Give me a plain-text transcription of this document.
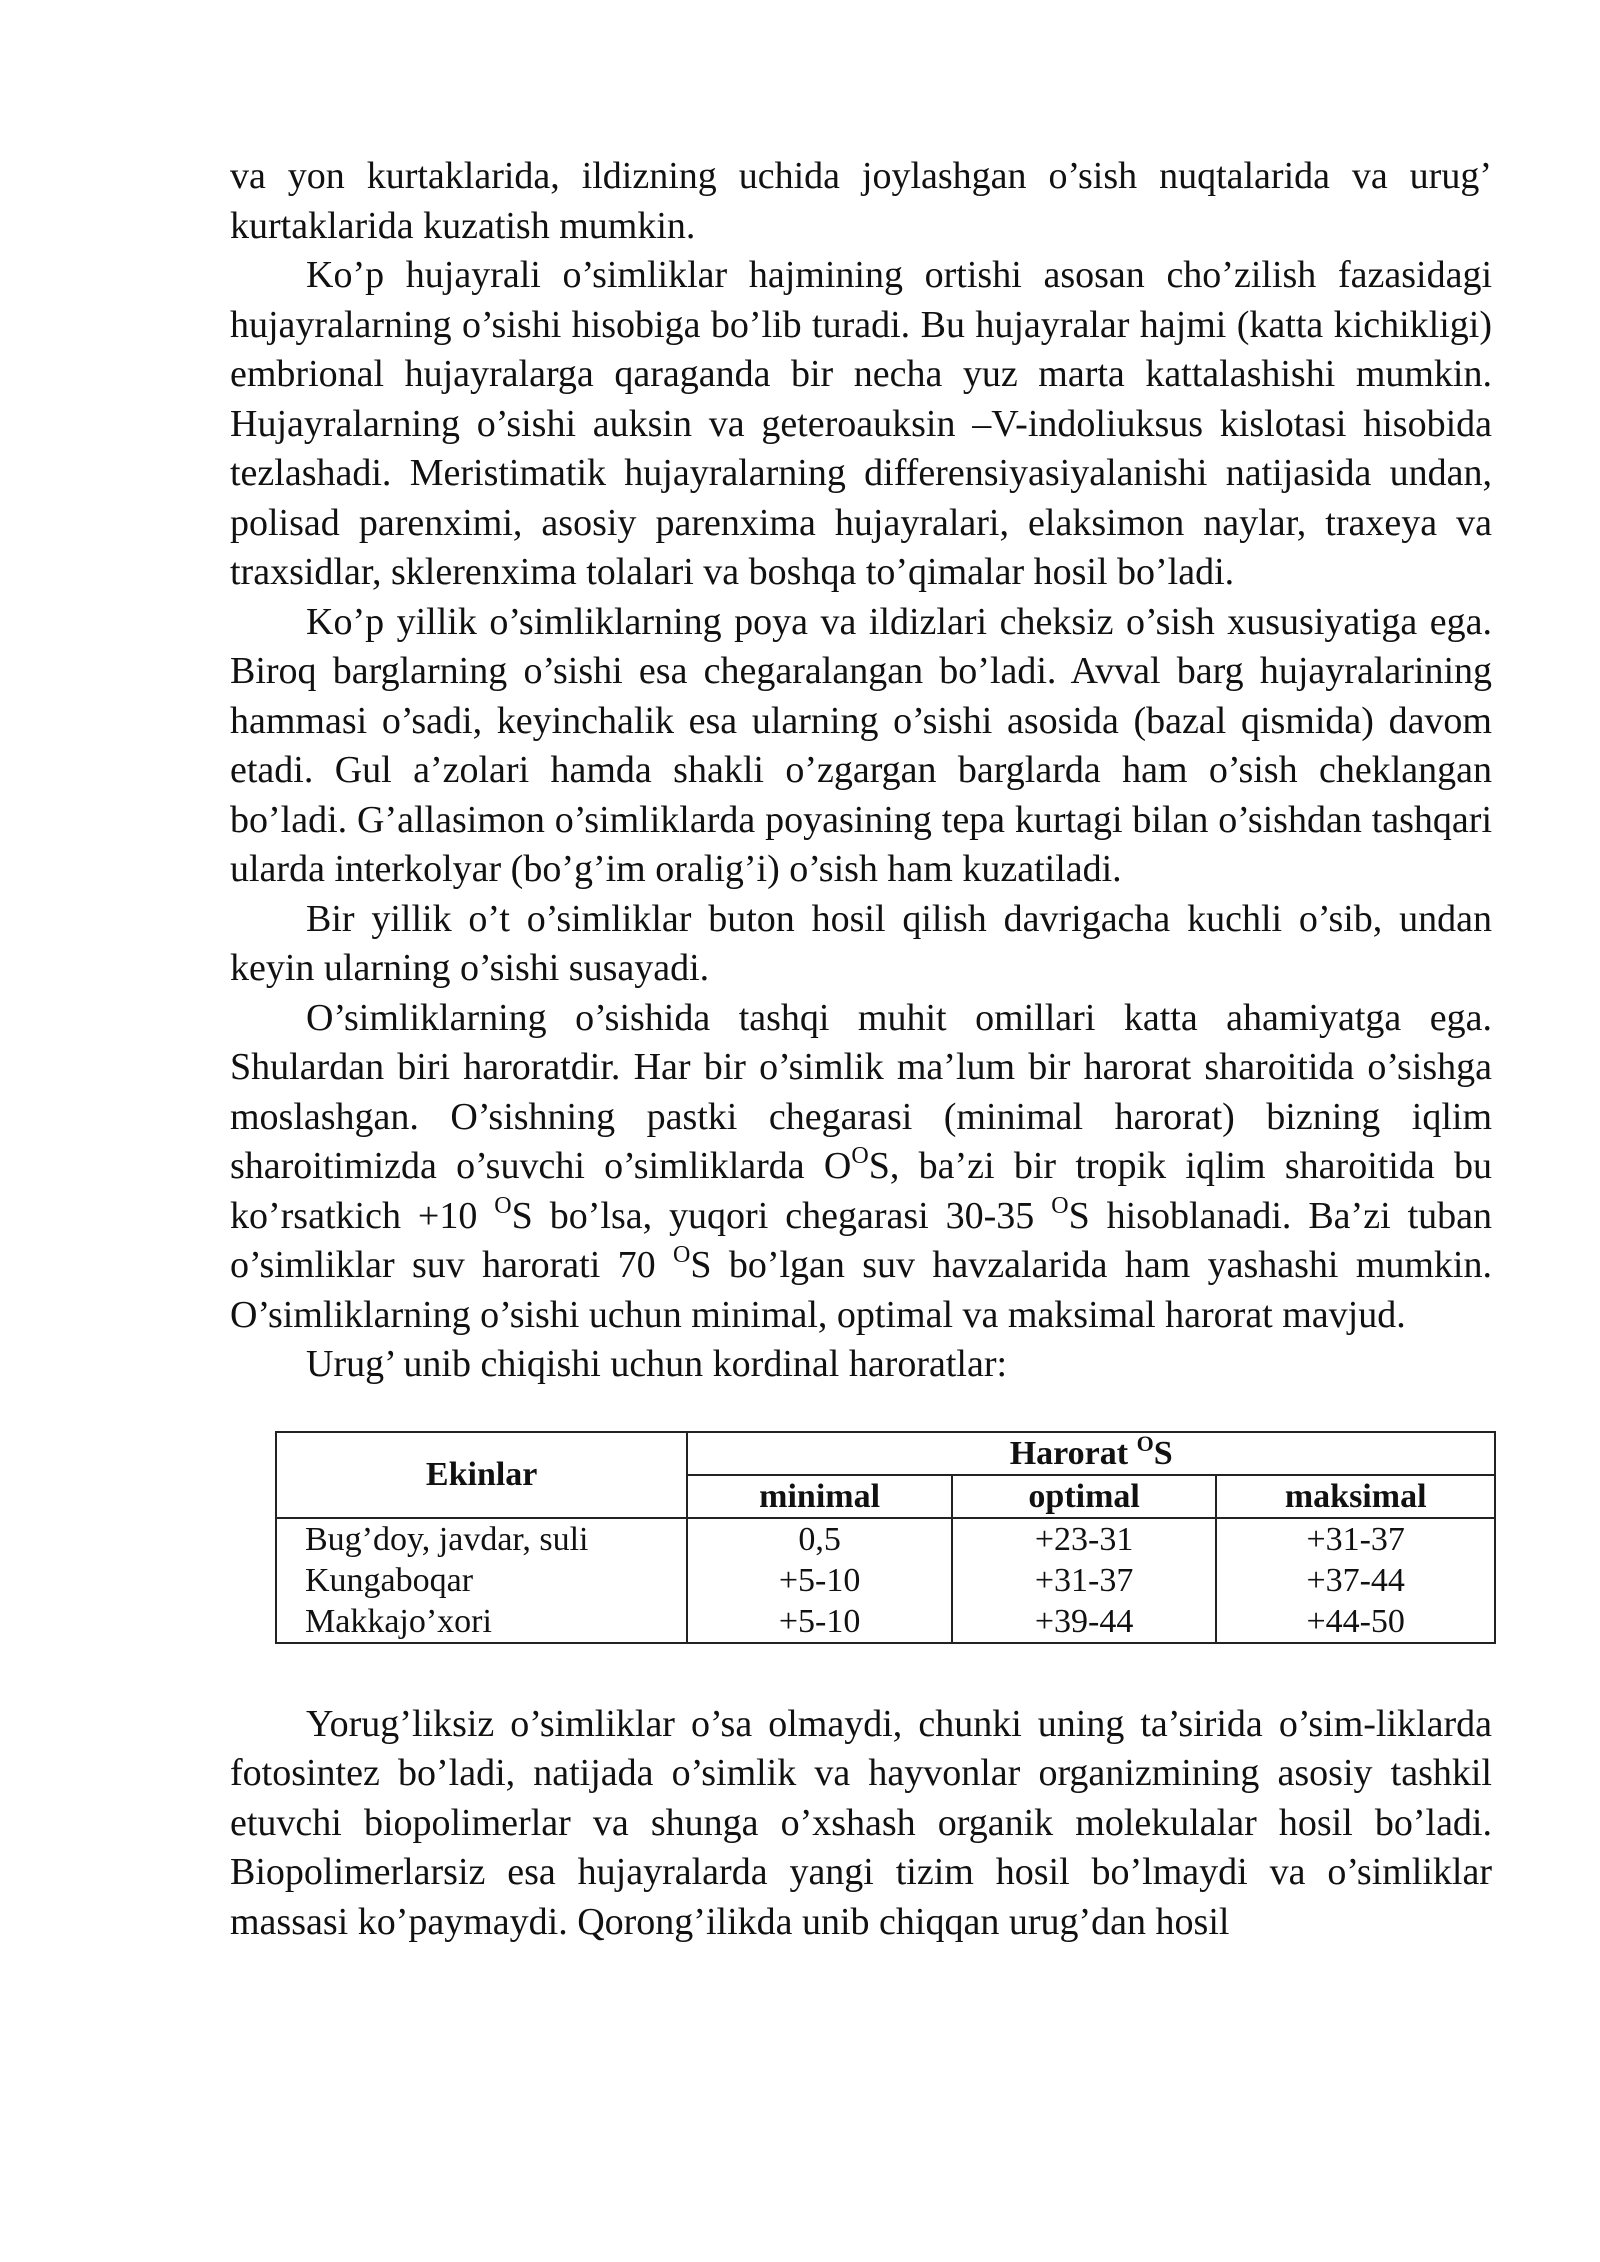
va yon kurtaklarida, ildizning uchida joylashgan o’sish nuqtalarida va urug’ kurtaklarida kuzatish mumkin.

Ko’p hujayrali o’simliklar hajmining ortishi asosan cho’zilish fazasidagi hujayralarning o’sishi hisobiga bo’lib turadi. Bu hujayralar hajmi (katta kichikligi) embrional hujayralarga qaraganda bir necha yuz marta kattalashishi mumkin. Hujayralarning o’sishi auksin va geteroauksin –V-indoliuksus kislotasi hisobida tezlashadi. Meristimatik hujayralarning differensiyasiyalanishi natijasida undan, polisad parenximi, asosiy parenxima hujayralari, elaksimon naylar, traxeya va traxsidlar, sklerenxima tolalari va boshqa to’qimalar hosil bo’ladi.

Ko’p yillik o’simliklarning poya va ildizlari cheksiz o’sish xususiyatiga ega. Biroq barglarning o’sishi esa chegaralangan bo’ladi. Avval barg hujayralarining hammasi o’sadi, keyinchalik esa ularning o’sishi asosida (bazal qismida) davom etadi. Gul a’zolari hamda shakli o’zgargan barglarda ham o’sish cheklangan bo’ladi. G’allasimon o’simliklarda poyasining tepa kurtagi bilan o’sishdan tashqari ularda interkolyar (bo’g’im oralig’i) o’sish ham kuzatiladi.

Bir yillik o’t o’simliklar buton hosil qilish davrigacha kuchli o’sib, undan keyin ularning o’sishi susayadi.

O’simliklarning o’sishida tashqi muhit omillari katta ahamiyatga ega. Shulardan biri haroratdir. Har bir o’simlik ma’lum bir harorat sharoitida o’sishga moslashgan. O’sishning pastki chegarasi (minimal harorat) bizning iqlim sharoitimizda o’suvchi o’simliklarda $O^OS$, ba’zi bir tropik iqlim sharoitida bu ko’rsatkich +10 $^O$S bo’lsa, yuqori chegarasi 30-35 $^O$S hisoblanadi. Ba’zi tuban o’simliklar suv harorati 70 $^O$S bo’lgan suv havzalarida ham yashashi mumkin. O’simliklarning o’sishi uchun minimal, optimal va maksimal harorat mavjud.

Urug’ unib chiqishi uchun kordinal haroratlar:

Ekinlar	Harorat $^O$S		
	minimal	optimal	maksimal
Bug’doy, javdar, suli	0,5	+23-31	+31-37
Kungaboqar	+5-10	+31-37	+37-44
Makkajo’xori	+5-10	+39-44	+44-50

Yorug’liksiz o’simliklar o’sa olmaydi, chunki uning ta’sirida o’sim-liklarda fotosintez bo’ladi, natijada o’simlik va hayvonlar organizmining asosiy tashkil etuvchi biopolimerlar va shunga o’xshash organik molekulalar hosil bo’ladi. Biopolimerlarsiz esa hujayralarda yangi tizim hosil bo’lmaydi va o’simliklar massasi ko’paymaydi. Qorong’ilikda unib chiqqan urug’dan hosil
